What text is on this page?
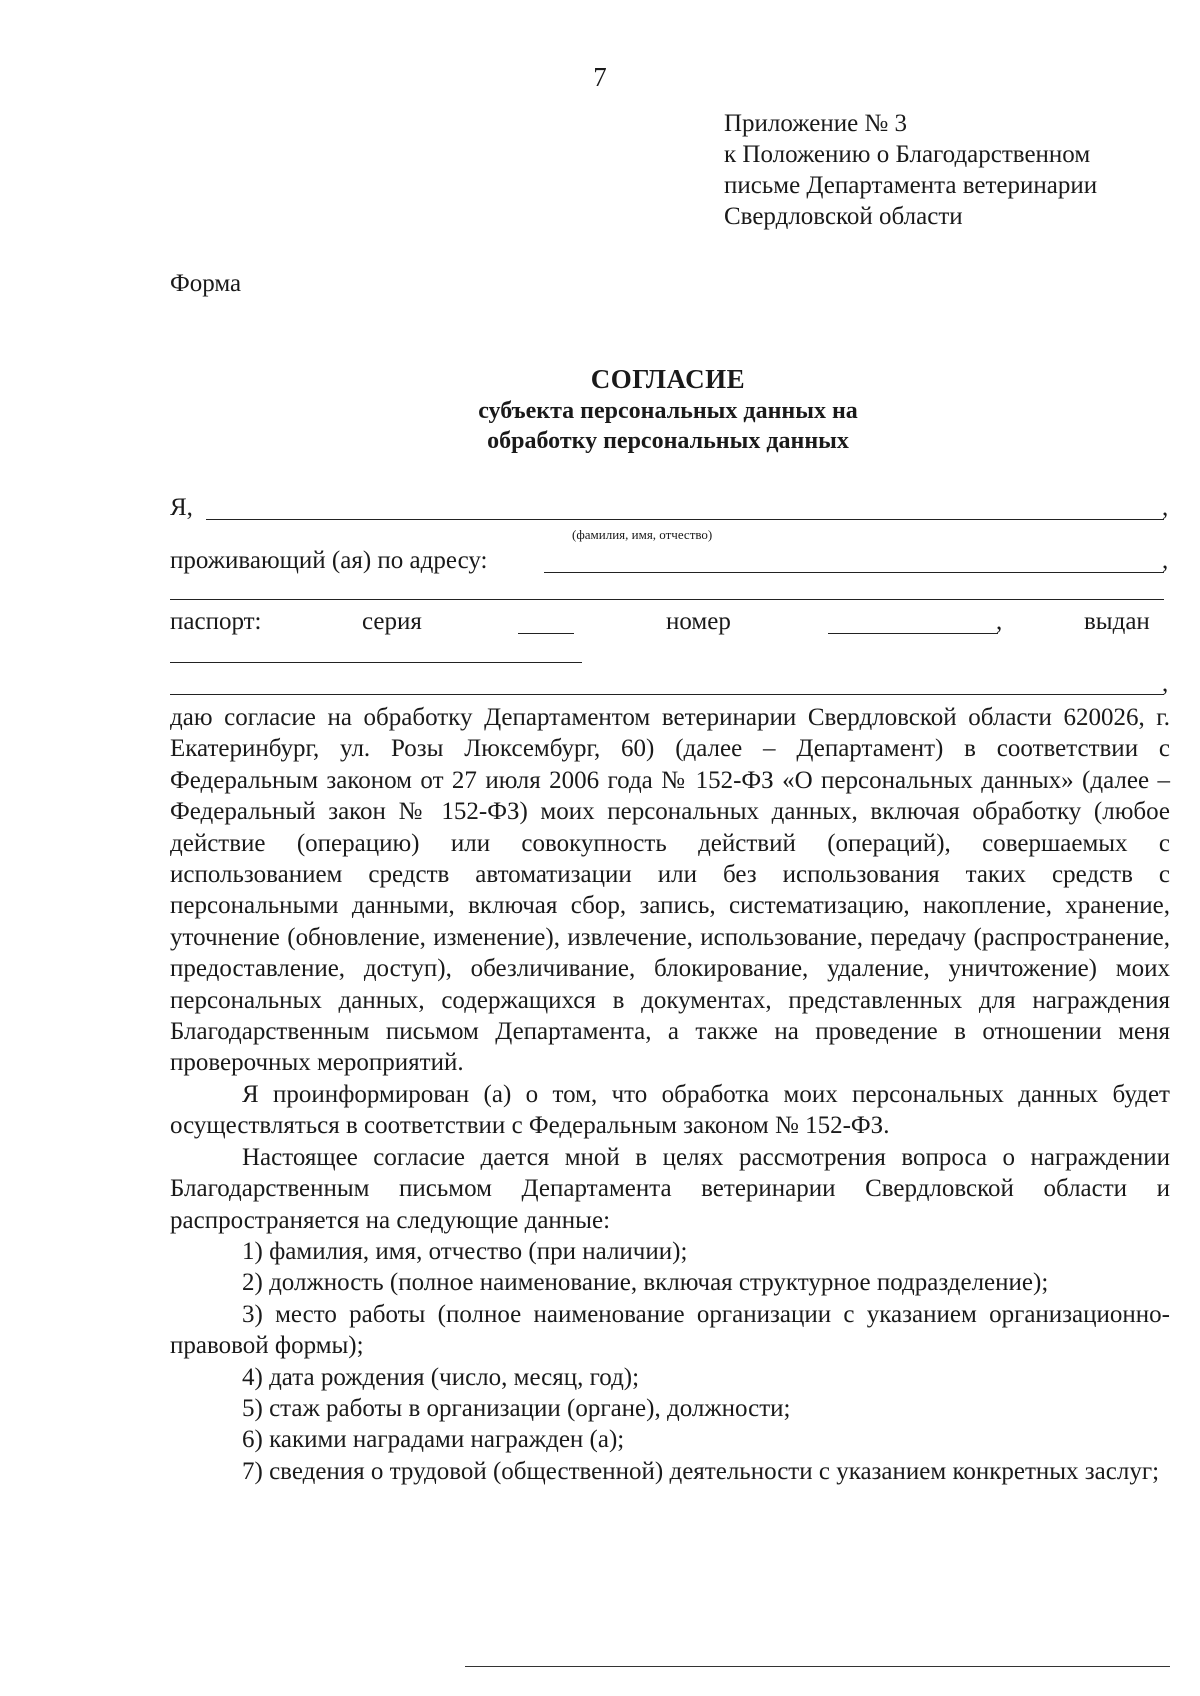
7
Приложение № 3
к Положению о Благодарственном
письме Департамента ветеринарии
Свердловской области
Форма
СОГЛАСИЕ
субъекта персональных данных на
обработку персональных данных
Я,	,
(фамилия, имя, отчество)
проживающий (ая) по адресу:	,
паспорт:	серия	номер	,	выдан
,

даю согласие на обработку Департаментом ветеринарии Свердловской области 620026, г. Екатеринбург, ул. Розы Люксембург, 60) (далее – Департамент) в соответствии с Федеральным законом от 27 июля 2006 года № 152-ФЗ «О персональных данных» (далее – Федеральный закон № 152-ФЗ) моих персональных данных, включая обработку (любое действие (операцию) или совокупность действий (операций), совершаемых с использованием средств автоматизации или без использования таких средств с персональными данными, включая сбор, запись, систематизацию, накопление, хранение, уточнение (обновление, изменение), извлечение, использование, передачу (распространение, предоставление, доступ), обезличивание, блокирование, удаление, уничтожение) моих персональных данных, содержащихся в документах, представленных для награждения Благодарственным письмом Департамента, а также на проведение в отношении меня проверочных мероприятий.

Я проинформирован (а) о том, что обработка моих персональных данных будет осуществляться в соответствии с Федеральным законом № 152-ФЗ.

Настоящее согласие дается мной в целях рассмотрения вопроса о награждении Благодарственным письмом Департамента ветеринарии Свердловской области и распространяется на следующие данные:

1) фамилия, имя, отчество (при наличии);

2) должность (полное наименование, включая структурное подразделение);

3) место работы (полное наименование организации с указанием организационно-правовой формы);

4) дата рождения (число, месяц, год);

5) стаж работы в организации (органе), должности;

6) какими наградами награжден (а);

7) сведения о трудовой (общественной) деятельности с указанием конкретных заслуг;
